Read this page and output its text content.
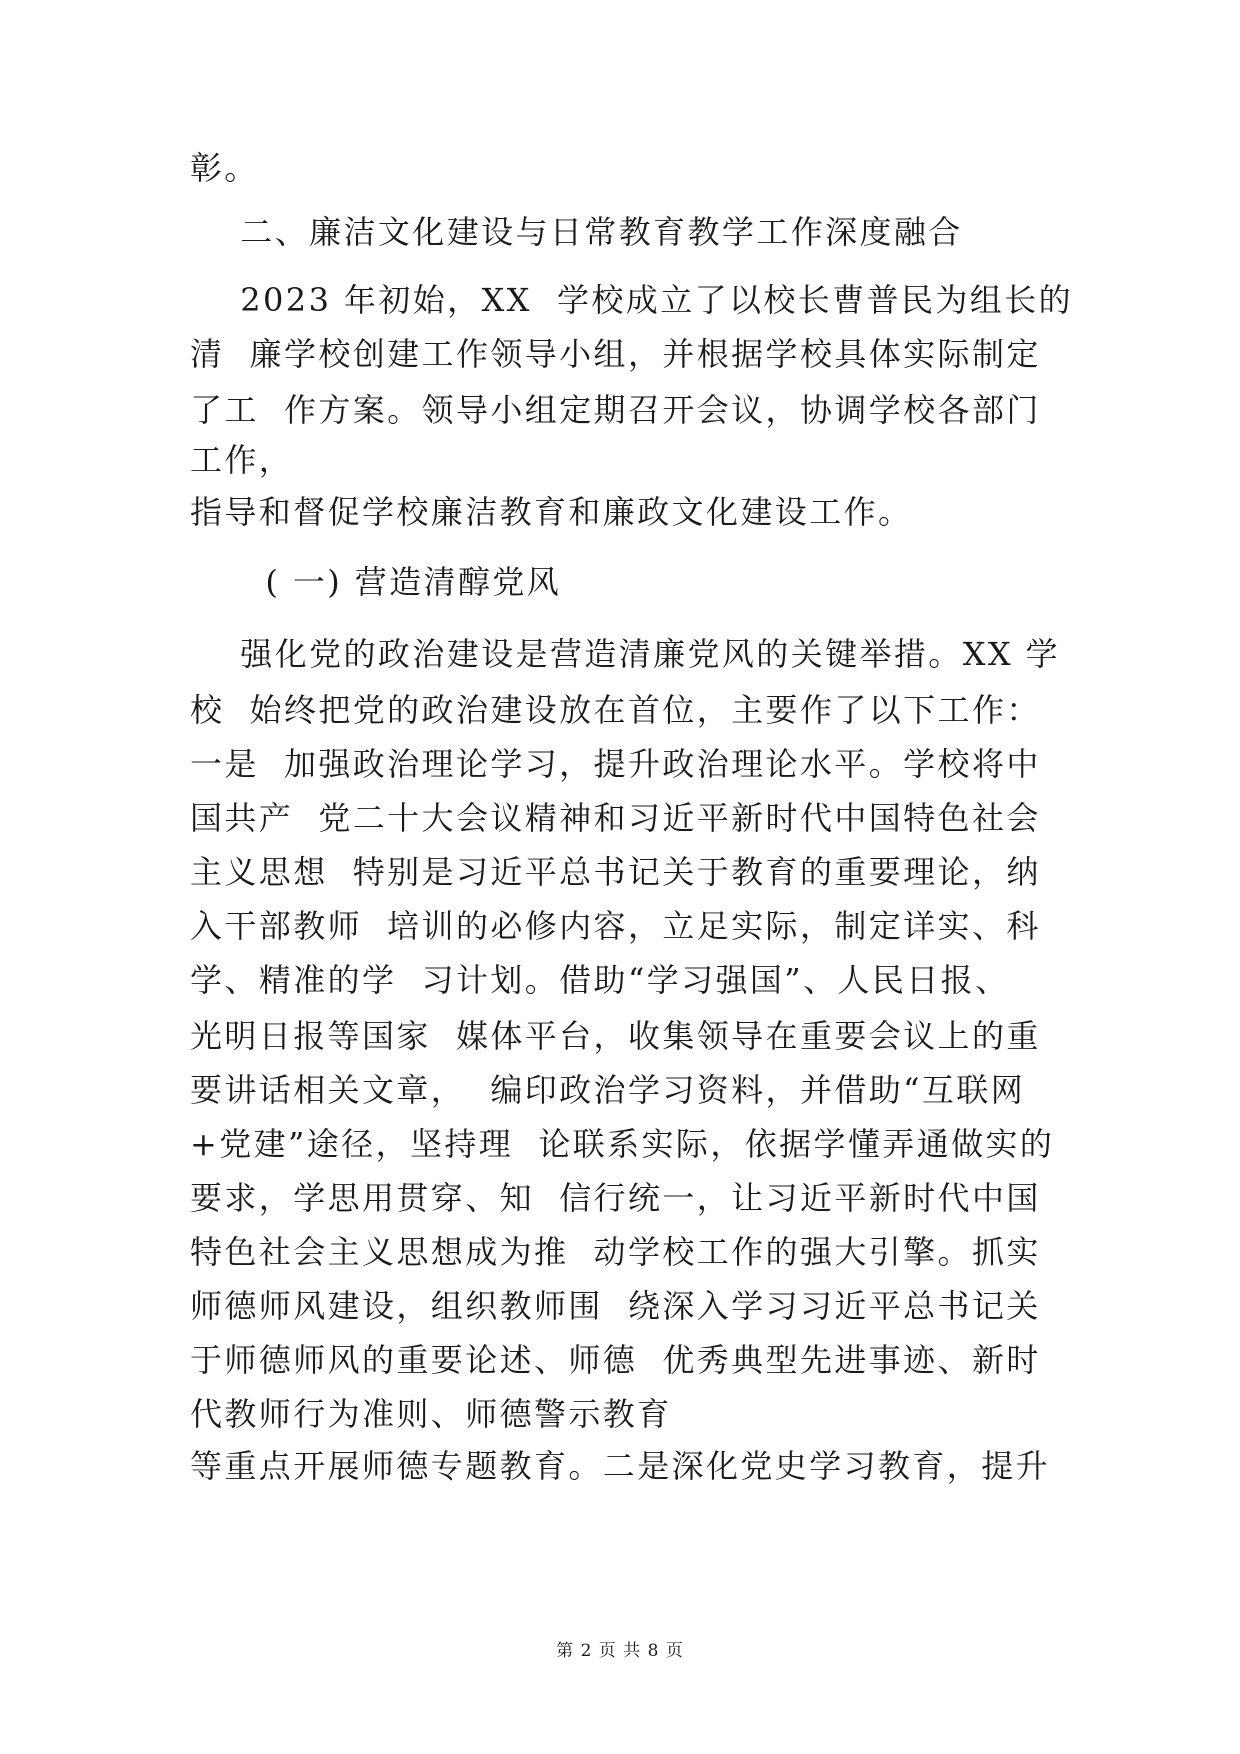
彰。
二、廉洁文化建设与日常教育教学工作深度融合
2023 年初始，XX  学校成立了以校长曹普民为组长的
清  廉学校创建工作领导小组，并根据学校具体实际制定
了工  作方案。领导小组定期召开会议，协调学校各部门
工作，
指导和督促学校廉洁教育和廉政文化建设工作。
( 一) 营造清醇党风
强化党的政治建设是营造清廉党风的关键举措。XX 学
校  始终把党的政治建设放在首位，主要作了以下工作：
一是  加强政治理论学习，提升政治理论水平。学校将中
国共产  党二十大会议精神和习近平新时代中国特色社会
主义思想  特别是习近平总书记关于教育的重要理论，纳
入干部教师  培训的必修内容，立足实际，制定详实、科
学、精准的学  习计划。借助“学习强国”、人民日报、
光明日报等国家  媒体平台，收集领导在重要会议上的重
要讲话相关文章，  编印政治学习资料，并借助“互联网
+党建”途径，坚持理  论联系实际，依据学懂弄通做实的
要求，学思用贯穿、知  信行统一，让习近平新时代中国
特色社会主义思想成为推  动学校工作的强大引擎。抓实
师德师风建设，组织教师围  绕深入学习习近平总书记关
于师德师风的重要论述、师德  优秀典型先进事迹、新时
代教师行为准则、师德警示教育
等重点开展师德专题教育。二是深化党史学习教育，提升
第 2 页 共 8 页
